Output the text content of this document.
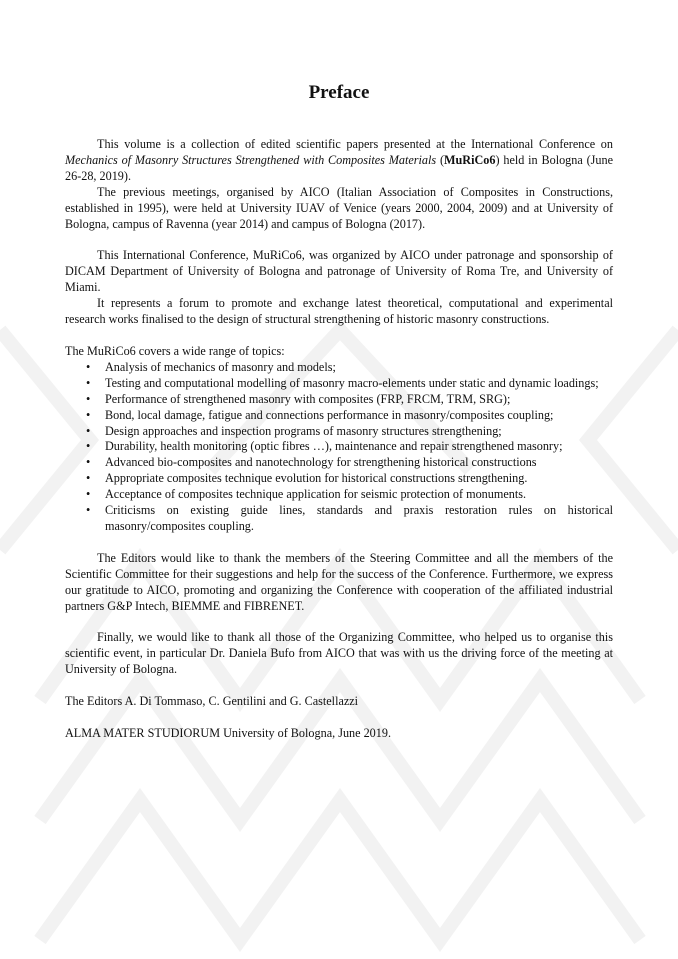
Preface

This volume is a collection of edited scientific papers presented at the International Conference on Mechanics of Masonry Structures Strengthened with Composites Materials (MuRiCo6) held in Bologna (June 26-28, 2019).

The previous meetings, organised by AICO (Italian Association of Composites in Constructions, established in 1995), were held at University IUAV of Venice (years 2000, 2004, 2009) and at University of Bologna, campus of Ravenna (year 2014) and campus of Bologna (2017).

This International Conference, MuRiCo6, was organized by AICO under patronage and sponsorship of DICAM Department of University of Bologna and patronage of University of Roma Tre, and University of Miami.

It represents a forum to promote and exchange latest theoretical, computational and experimental research works finalised to the design of structural strengthening of historic masonry constructions.

The MuRiCo6 covers a wide range of topics:

• Analysis of mechanics of masonry and models;
• Testing and computational modelling of masonry macro-elements under static and dynamic loadings;
• Performance of strengthened masonry with composites (FRP, FRCM, TRM, SRG);
• Bond, local damage, fatigue and connections performance in masonry/composites coupling;
• Design approaches and inspection programs of masonry structures strengthening;
• Durability, health monitoring (optic fibres …), maintenance and repair strengthened masonry;
• Advanced bio-composites and nanotechnology for strengthening historical constructions
• Appropriate composites technique evolution for historical constructions strengthening.
• Acceptance of composites technique application for seismic protection of monuments.
• Criticisms on existing guide lines, standards and praxis restoration rules on historical masonry/composites coupling.

The Editors would like to thank the members of the Steering Committee and all the members of the Scientific Committee for their suggestions and help for the success of the Conference. Furthermore, we express our gratitude to AICO, promoting and organizing the Conference with cooperation of the affiliated industrial partners G&P Intech, BIEMME and FIBRENET.

Finally, we would like to thank all those of the Organizing Committee, who helped us to organise this scientific event, in particular Dr. Daniela Bufo from AICO that was with us the driving force of the meeting at University of Bologna.

The Editors A. Di Tommaso, C. Gentilini and G. Castellazzi

ALMA MATER STUDIORUM University of Bologna, June 2019.
